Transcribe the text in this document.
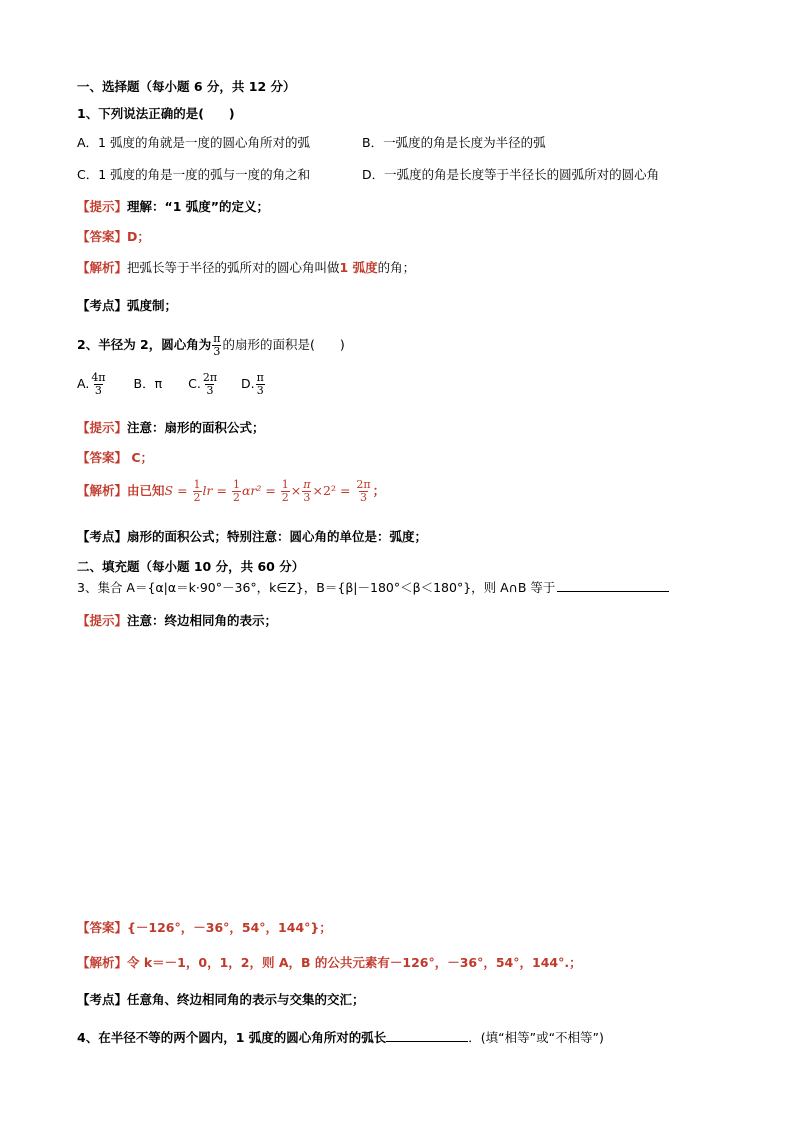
一、选择题（每小题 6 分，共 12 分）
1、下列说法正确的是(　　)
A．1 弧度的角就是一度的圆心角所对的弧	B．一弧度的角是长度为半径的弧
C．1 弧度的角是一度的弧与一度的角之和	D．一弧度的角是长度等于半径长的圆弧所对的圆心角
【提示】理解：“1 弧度”的定义；
【答案】D；
【解析】把弧长等于半径的弧所对的圆心角叫做1 弧度的角；
【考点】弧度制；
2、半径为 2，圆心角为 $\frac{\pi}{3}$ 的扇形的面积是(　　)
A. $\frac{4\pi}{3}$ B．π C. $\frac{2\pi}{3} D$. $\frac{\pi}{3}$
【提示】注意：扇形的面积公式；
【答案】 C；
【解析】由已知$S = \frac{1}{2}$ lr = $\frac{1}{2} \alpha r^2 = \frac{1}{2} \times \frac{\pi}{3} \times 2^2 = \frac{2\pi}{3}$ ；
【考点】扇形的面积公式；特别注意：圆心角的单位是：弧度；
二、填充题（每小题 10 分，共 60 分）
3、集合 A＝{α|α＝k·90°－36°，k∈Z}，B＝{β|－180°＜β＜180°}，则 A∩B 等于
【提示】注意：终边相同角的表示；
【答案】{－126°，－36°，54°，144°}；
【解析】令 k＝－1，0，1，2，则 A，B 的公共元素有－126°，－36°，54°，144°.；
【考点】任意角、终边相同角的表示与交集的交汇；
4、在半径不等的两个圆内，1 弧度的圆心角所对的弧长	．(填“相等”或“不相等”)
